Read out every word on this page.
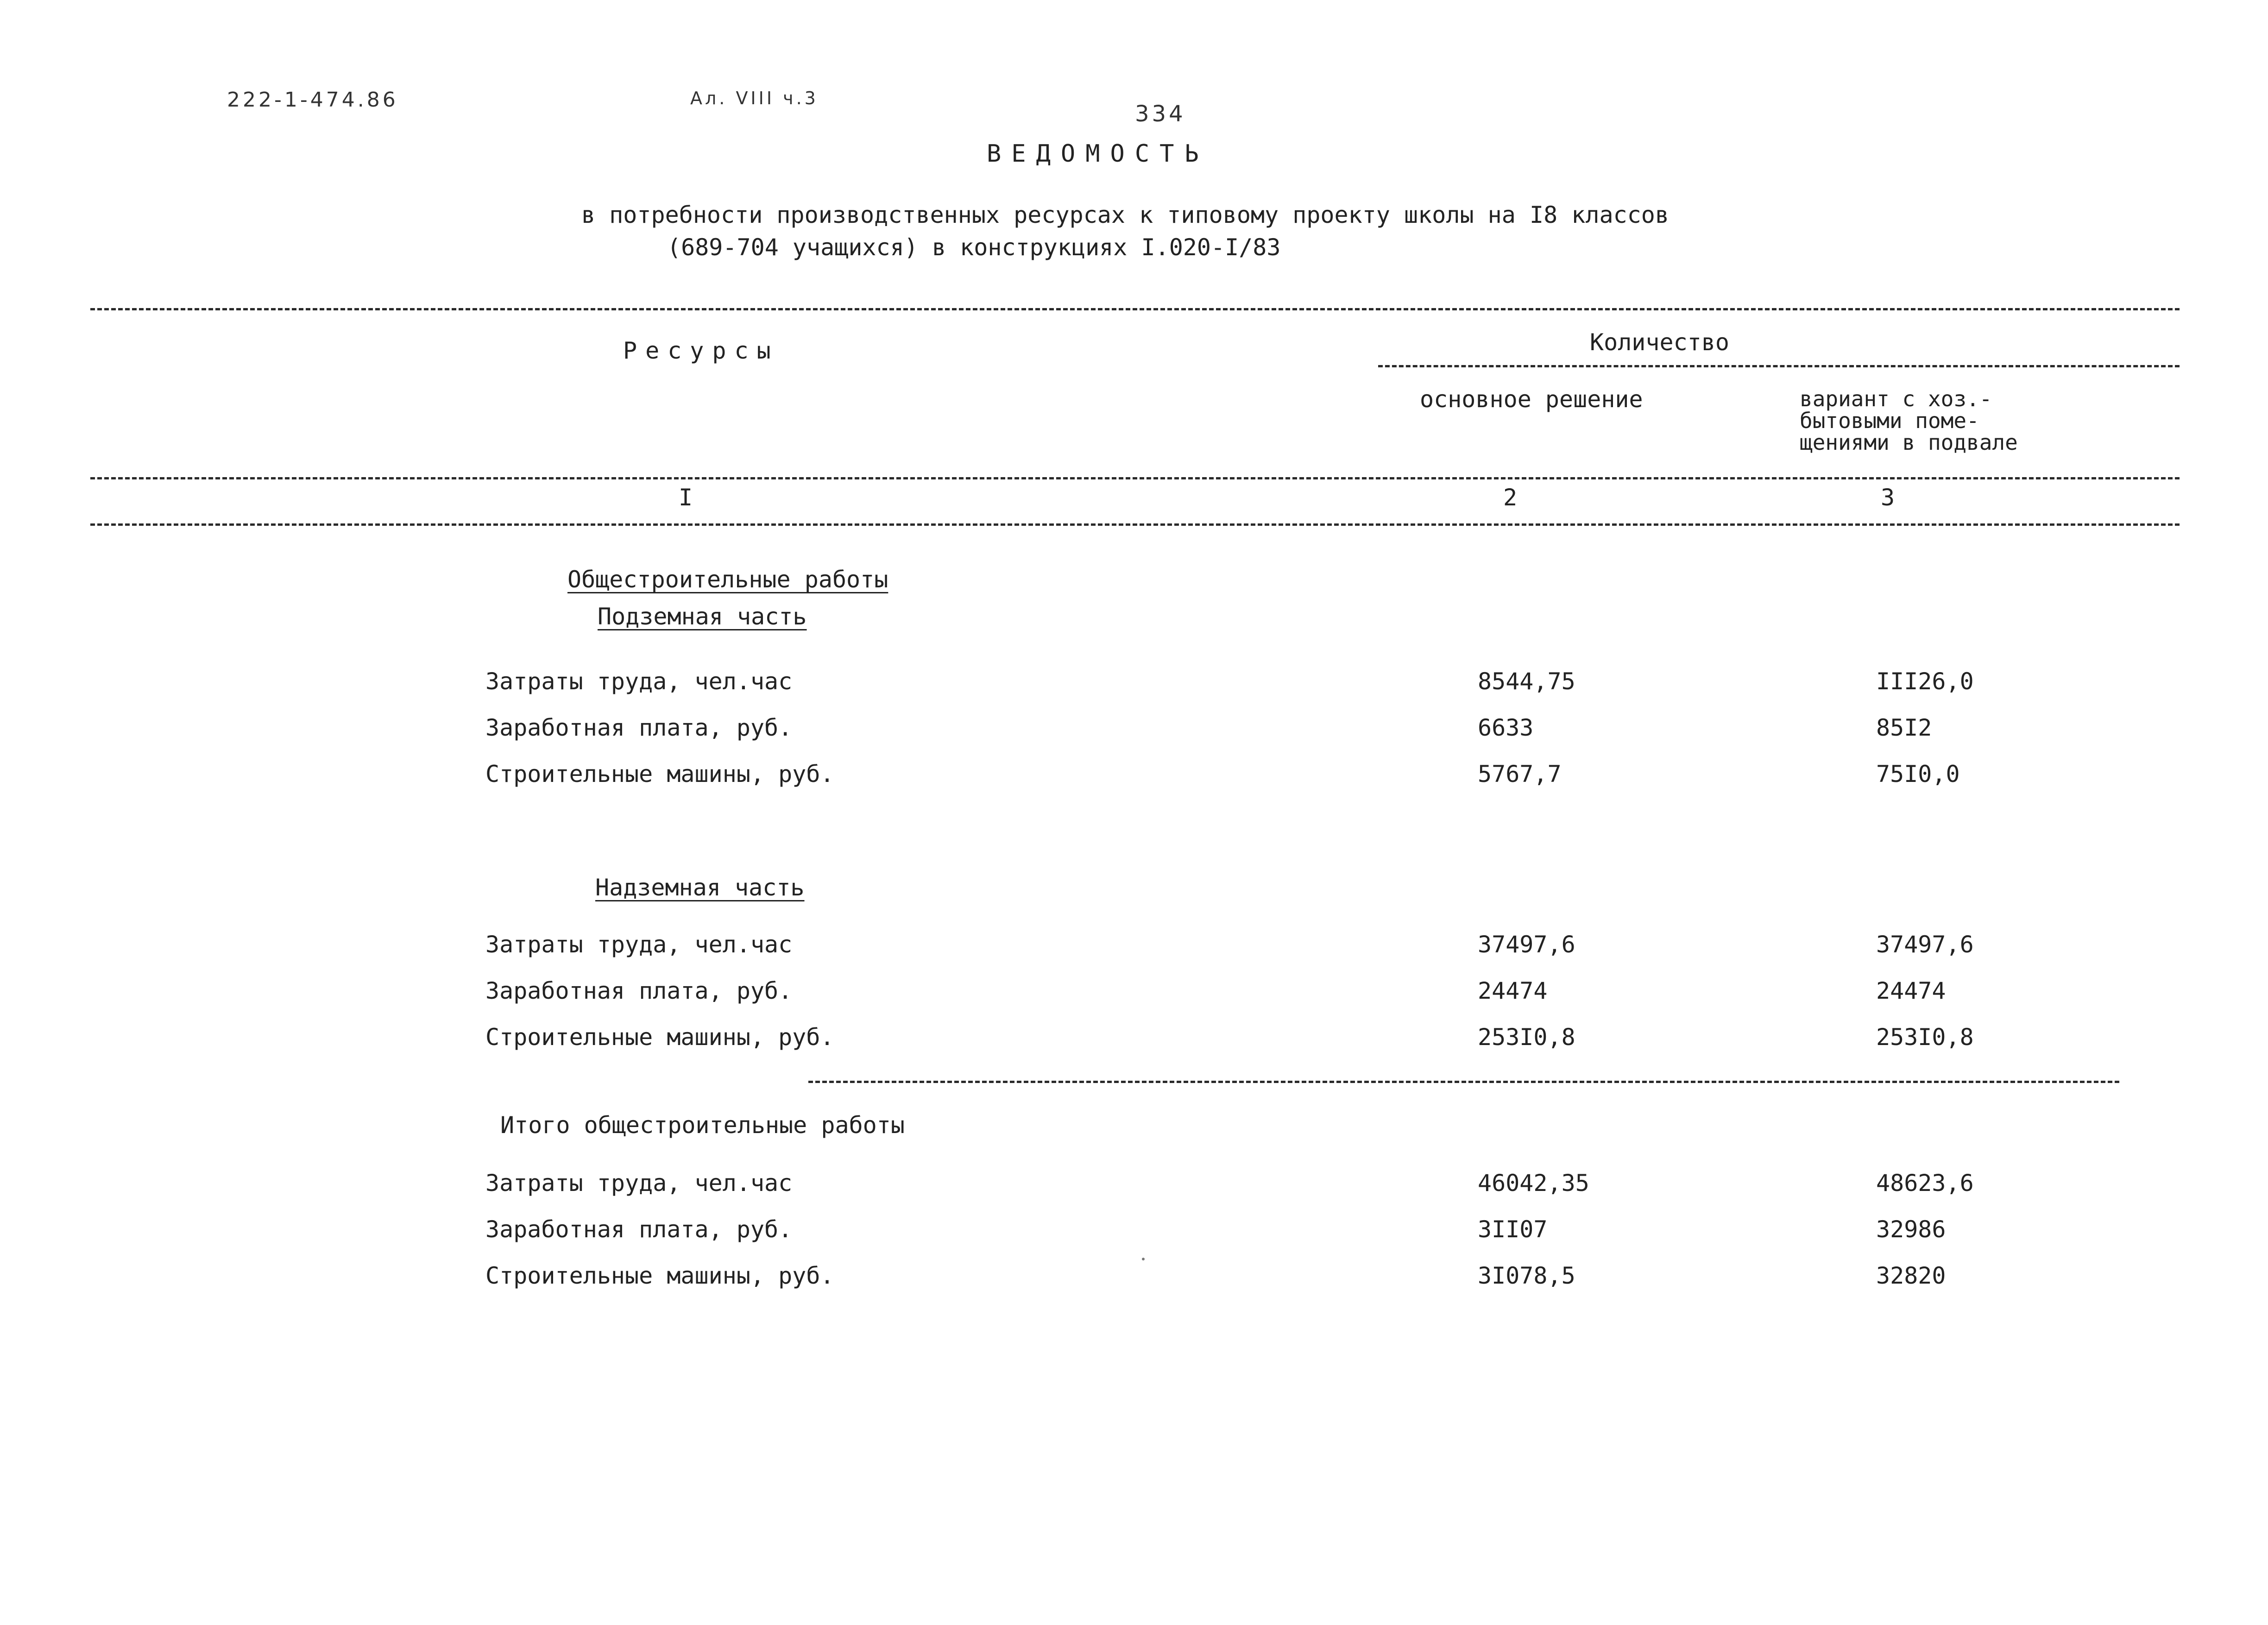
222-1-474.86	Ал. VIII ч.3
334
ВЕДОМОСТЬ
в потребности производственных ресурсах к типовому проекту школы на I8 классов
(689-704 учащихся) в конструкциях I.020-I/83
Ресурсы	Количество
основное решение	вариант с хоз.-
бытовыми поме-
щениями в подвале
I	2	3
Общестроительные работы
Подземная часть
Затраты труда, чел.час	8544,75	III26,0
Заработная плата, руб.	6633	85I2
Строительные машины, руб.	5767,7	75I0,0
Надземная часть
Затраты труда, чел.час	37497,6	37497,6
Заработная плата, руб.	24474	24474
Строительные машины, руб.	253I0,8	253I0,8
Итого общестроительные работы
Затраты труда, чел.час	46042,35	48623,6
Заработная плата, руб.	3II07	32986
Строительные машины, руб.	3I078,5	32820
